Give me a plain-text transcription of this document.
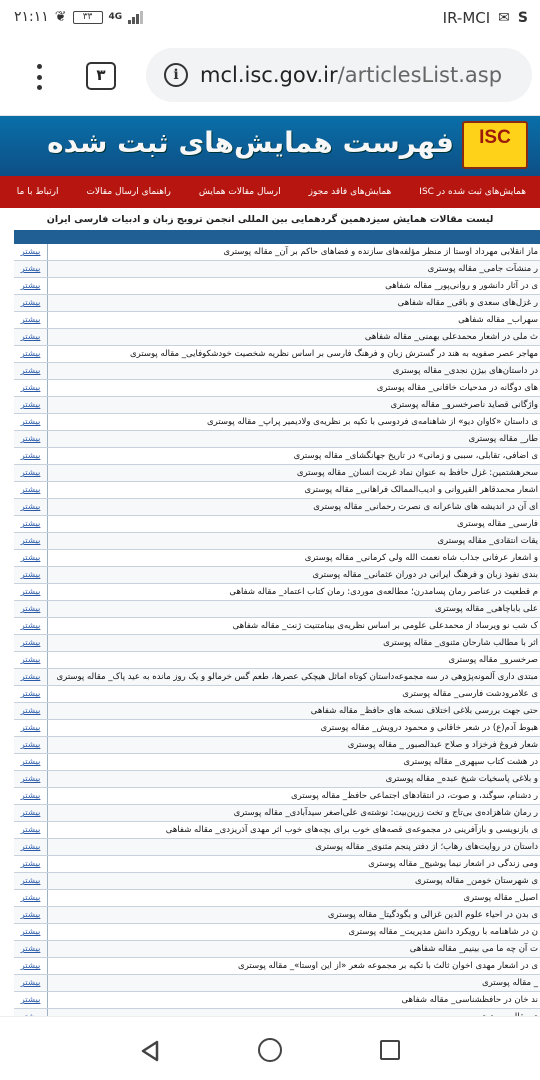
۲۱:۱۱ ❦	۳۳	4G	IR-MCI ✉ S
۳	i	mcl.isc.gov.ir/articlesList.asp
فهرست همایش‌های ثبت شده	ISC
همایش‌های ثبت شده در ISC
همایش‌های فاقد مجوز
ارسال مقالات همایش
راهنمای ارسال مقالات
ارتباط با ما
لیست مقالات همایش سیزدهمین گردهمایی بین المللی انجمن ترویج زبان و ادبیات فارسی ایران
بیشتر	ماز انقلابی مهرداد اوستا از منظر مؤلفه‌های سازنده و فضاهای حاکم بر آن_ مقاله پوستری
بیشتر	ر منشآت جامی_ مقاله پوستری
بیشتر	ی در آثار دانشور و روانی‌پور_ مقاله شفاهی
بیشتر	ر غزل‌های سعدی و باقی_ مقاله شفاهی
بیشتر	سهراب_ مقاله شفاهی
بیشتر	ث ملی در اشعار محمدعلی بهمنی_ مقاله شفاهی
بیشتر	مهاجر عصر صفویه به هند در گسترش زبان و فرهنگ فارسی بر اساس نظریه شخصیت خودشکوفایی_ مقاله پوستری
بیشتر	در داستان‌های بیژن نجدی_ مقاله پوستری
بیشتر	های دوگانه در مدحیات خاقانی_ مقاله پوستری
بیشتر	واژگانی قصاید ناصرخسرو_ مقاله پوستری
بیشتر	ی داستان «کاوان دیو» از شاهنامه‌ی فردوسی با تکیه بر نظریه‌ی ولادیمیر پراپ_ مقاله پوستری
بیشتر	طار_ مقاله پوستری
بیشتر	ی اضافی، تقابلی، سببی و زمانی» در تاریخ جهانگشای_ مقاله پوستری
بیشتر	سحرهشتمین: غزل حافظ به عنوان نماد غربت انسان_ مقاله پوستری
بیشتر	اشعار محمدقاهر القیروانی و ادیب‌الممالک فراهانی_ مقاله پوستری
بیشتر	ای آن در اندیشه های شاعرانه ی نصرت رحمانی_ مقاله پوستری
بیشتر	فارسی_ مقاله پوستری
بیشتر	یقات انتقادی_ مقاله پوستری
بیشتر	و اشعار عرفانی جذاب شاه نعمت الله ولی کرمانی_ مقاله پوستری
بیشتر	بندی نفوذ زبان و فرهنگ ایرانی در دوران عثمانی_ مقاله پوستری
بیشتر	م قطعیت در عناصر رمان پسامدرن؛ مطالعه‌ی موردی: رمان کتاب اعتماد_ مقاله شفاهی
بیشتر	علی باباچاهی_ مقاله پوستری
بیشتر	ک شب نو ویرساد از محمدعلی علومی بر اساس نظریه‌ی بینامتنیت ژنت_ مقاله شفاهی
بیشتر	اثر با مطالب شارحان مثنوی_ مقاله پوستری
بیشتر	صرخسرو_ مقاله پوستری
بیشتر	مبتدی داری آلمونه‌پژوهی در سه مجموعه‌داستان کوتاه اماثل هیچکی عصرها، طعم گس خرمالو و یک روز مانده به عید پاک_ مقاله پوستری
بیشتر	ی علامرودشت فارسی_ مقاله پوستری
بیشتر	حتی جهت بررسی بلاغی اختلاف نسخه های حافظ_ مقاله شفاهی
بیشتر	هبوط آدم(ع) در شعر خاقانی و محمود درویش_ مقاله پوستری
بیشتر	شعار فروغ فرخزاد و صلاح عبدالصبور _ مقاله پوستری
بیشتر	در هشت کتاب سپهری_ مقاله پوستری
بیشتر	و بلاغی پاسخیات شیخ عبده_ مقاله پوستری
بیشتر	ر دشنام، سوگند، و صوت، در انتقادهای اجتماعی حافظ_ مقاله پوستری
بیشتر	ر رمان شاهزاده‌ی بی‌تاج و تخت زرین‌بیت: نوشته‌ی علی‌اصغر سیدآبادی_ مقاله پوستری
بیشتر	ی بازنویسی و بازآفرینی در مجموعه‌ی قصه‌های خوب برای بچه‌های خوب اثر مهدی آذریزدی_ مقاله شفاهی
بیشتر	داستان در روایت‌های رهاب؛ از دفتر پنجم مثنوی_ مقاله پوستری
بیشتر	ومی زندگی در اشعار نیما یوشیج_ مقاله پوستری
بیشتر	ی شهرستان خومن_ مقاله پوستری
بیشتر	اصیل_ مقاله پوستری
بیشتر	ی بدن در احیاء علوم الدین غزالی و بگودگیتا_ مقاله پوستری
بیشتر	ن در شاهنامه با رویکرد دانش مدیریت_ مقاله پوستری
بیشتر	ت آن چه ما می بینیم_ مقاله شفاهی
بیشتر	ی در اشعار مهدی اخوان ثالث با تکیه بر مجموعه شعر «از این اوستا»_ مقاله پوستری
بیشتر	_ مقاله پوستری
بیشتر	ند خان در حافظشناسی_ مقاله شفاهی
